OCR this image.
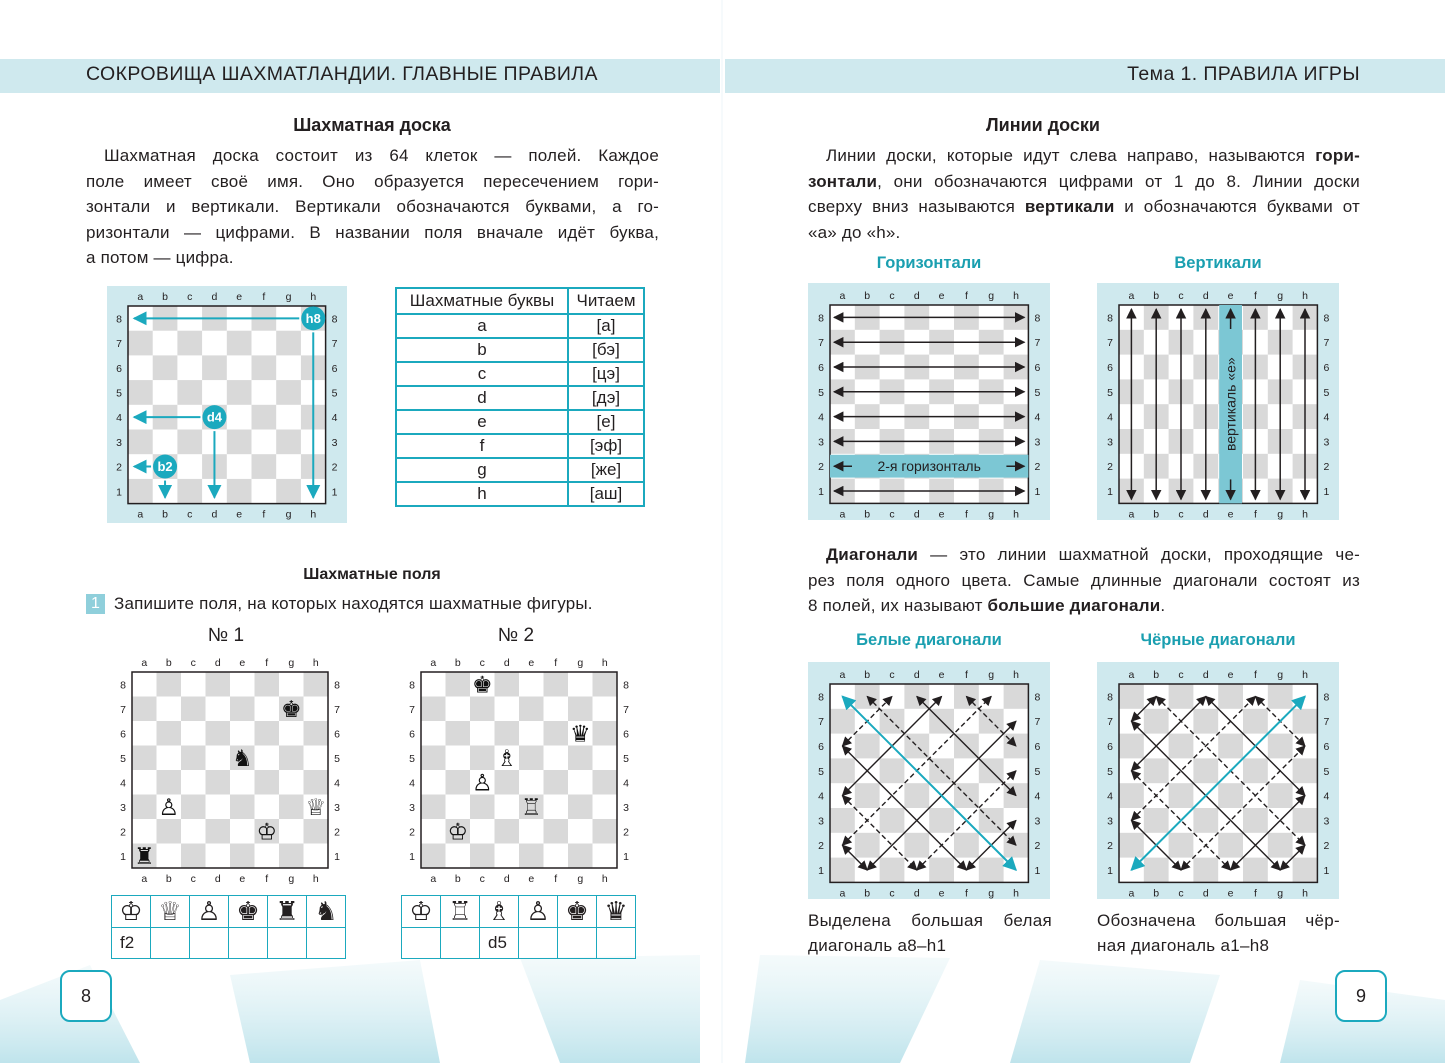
СОКРОВИЩА ШАХМАТЛАНДИИ. ГЛАВНЫЕ ПРАВИЛА	Тема 1. ПРАВИЛА ИГРЫ
Шахматная доска
Шахматная доска состоит из 64 клеток — полей. Каждое
поле имеет своё имя. Оно образуется пересечением гори-
зонтали и вертикали. Вертикали обозначаются буквами, а го-
ризонтали — цифрами. В названии поля вначале идёт буква,
а потом — цифра.
a
a
b
b
c
c
d
d
e
e
f
f
g
g
h
h
8	8
7	7
6	6
5	5
4	4
3	3
2	2
1	1
h8
d4
b2
Шахматные буквы	Читаем
a	[а]
b	[бэ]
c	[цэ]
d	[дэ]
e	[е]
f	[эф]
g	[же]
h	[аш]
Шахматные поля
1 Запишите поля, на которых находятся шахматные фигуры.
№ 1	№ 2
a
a
b
b
c
c
d
d
e
e
f
f
g
g
h
h
8	8
7	7
6	6
5	5
4	4
3	3
2	2
1	1
♔
♕
♙
♚
♜
♞
a
a
b
b
c
c
d
d
e
e
f
f
g
g
h
h
8	8
7	7
6	6
5	5
4	4
3	3
2	2
1	1
♔
♖
♗
♙
♚
♛
♔	♕	♙	♚	♜	♞
f2					
♔	♖	♗	♙	♚	♛
		d5			
8
Линии доски
Линии доски, которые идут слева направо, называются гори-
зонтали, они обозначаются цифрами от 1 до 8. Линии доски
сверху вниз называются вертикали и обозначаются буквами от
«a» до «h».
Горизонтали	Вертикали
a
a
b
b
c
c
d
d
e
e
f
f
g
g
h
h
8	8
7	7
6	6
5	5
4	4
3	3
2	2
1	1
2-я горизонталь
a
a
b
b
c
c
d
d
e
e
f
f
g
g
h
h
8	8
7	7
6	6
5	5
4	4
3	3
2	2
1	1
вертикаль «e»
Диагонали — это линии шахматной доски, проходящие че-
рез поля одного цвета. Самые длинные диагонали состоят из
8 полей, их называют большие диагонали.
Белые диагонали	Чёрные диагонали
a
a
b
b
c
c
d
d
e
e
f
f
g
g
h
h
8	8
7	7
6	6
5	5
4	4
3	3
2	2
1	1
a
a
b
b
c
c
d
d
e
e
f
f
g
g
h
h
8	8
7	7
6	6
5	5
4	4
3	3
2	2
1	1
Выделена большая белая
диагональ a8–h1
Обозначена большая чёр-
ная диагональ a1–h8
9
